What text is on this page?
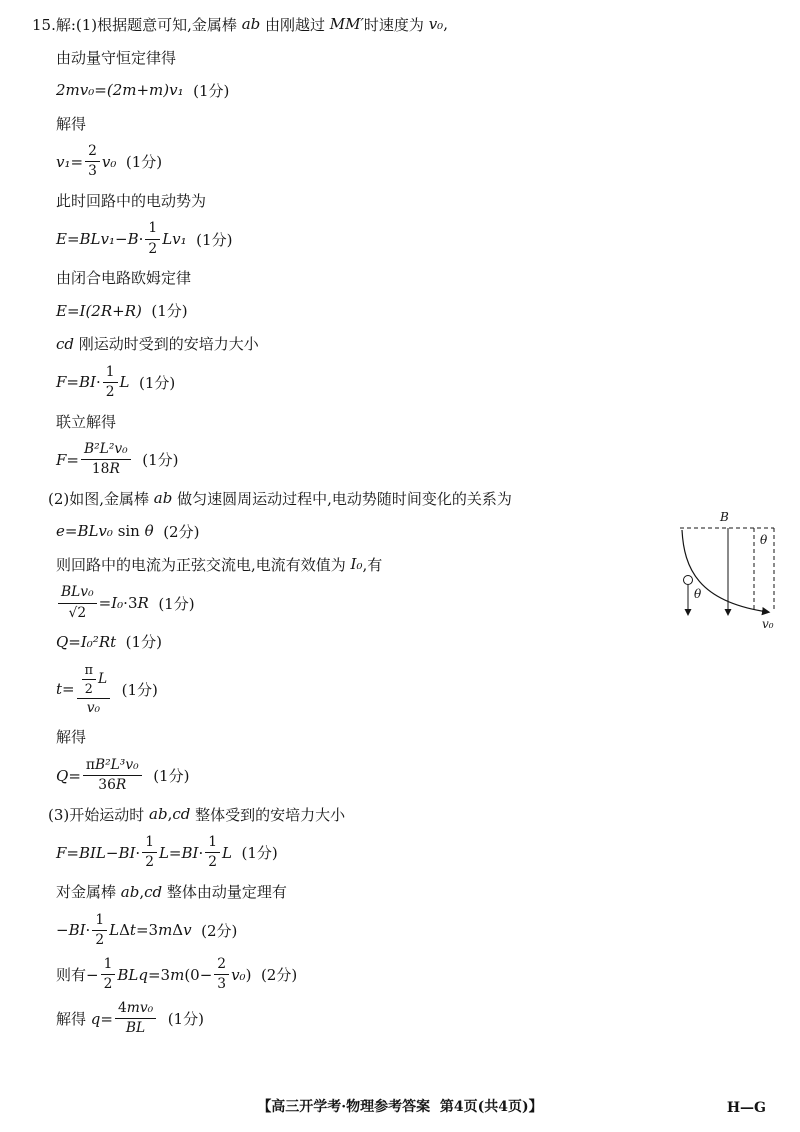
15.解:(1)根据题意可知,金属棒 ab 由刚越过 MM′ 时速度为 v₀ ,
由动量守恒定律得
2mv₀ = (2m+m)v₁ (1分)
解得
$v_1 = \frac{2}{3} v_0$ (1分)
此时回路中的电动势为
$E = BLv_1 - B \cdot \frac{1}{2} Lv_1$ (1分)
由闭合电路欧姆定律
E=I(2R+R) (1分)
cd 刚运动时受到的安培力大小
$F=BI \cdot \frac{1}{2}$ L (1分)
联立解得
$F = \frac{\text{B²L²v₀}}{18 R} (1$分)
(2)如图,金属棒 ab 做匀速圆周运动过程中,电动势随时间变化的关系为
e=BLv₀ sin θ (2分)
则回路中的电流为正弦交流电,电流有效值为 I₀ ,有
$\frac{\text{BLv₀}}{√2} = I_0 \cdot 3$ R (1分)
Q=I₀²Rt (1分)
$t = \frac{\frac{\pi}{2} L}{\text{v₀}} (1$分)
解得
$Q = \frac{\text{π B²L³v₀}}{36 R} (1$分)
(3)开始运动时 ab , cd 整体受到的安培力大小
$F=BIL-BI \cdot \frac{1}{2} L=BI \cdot \frac{1}{2}$ L (1分)
对金属棒 ab , cd 整体由动量定理有
− BI · $\frac{1}{2}$ L Δ t =3 m Δ v (2分)
则有− $\frac{1}{2}$ BLq =3 m ($0- \frac{2}{3} v_0$ )  (2分)
解得 $q = \frac{\text{4 mv₀}}{BL} (1$分)
B
θ
θ
v₀
【高三开学考·物理参考答案  第4页(共4页)】	H—G
